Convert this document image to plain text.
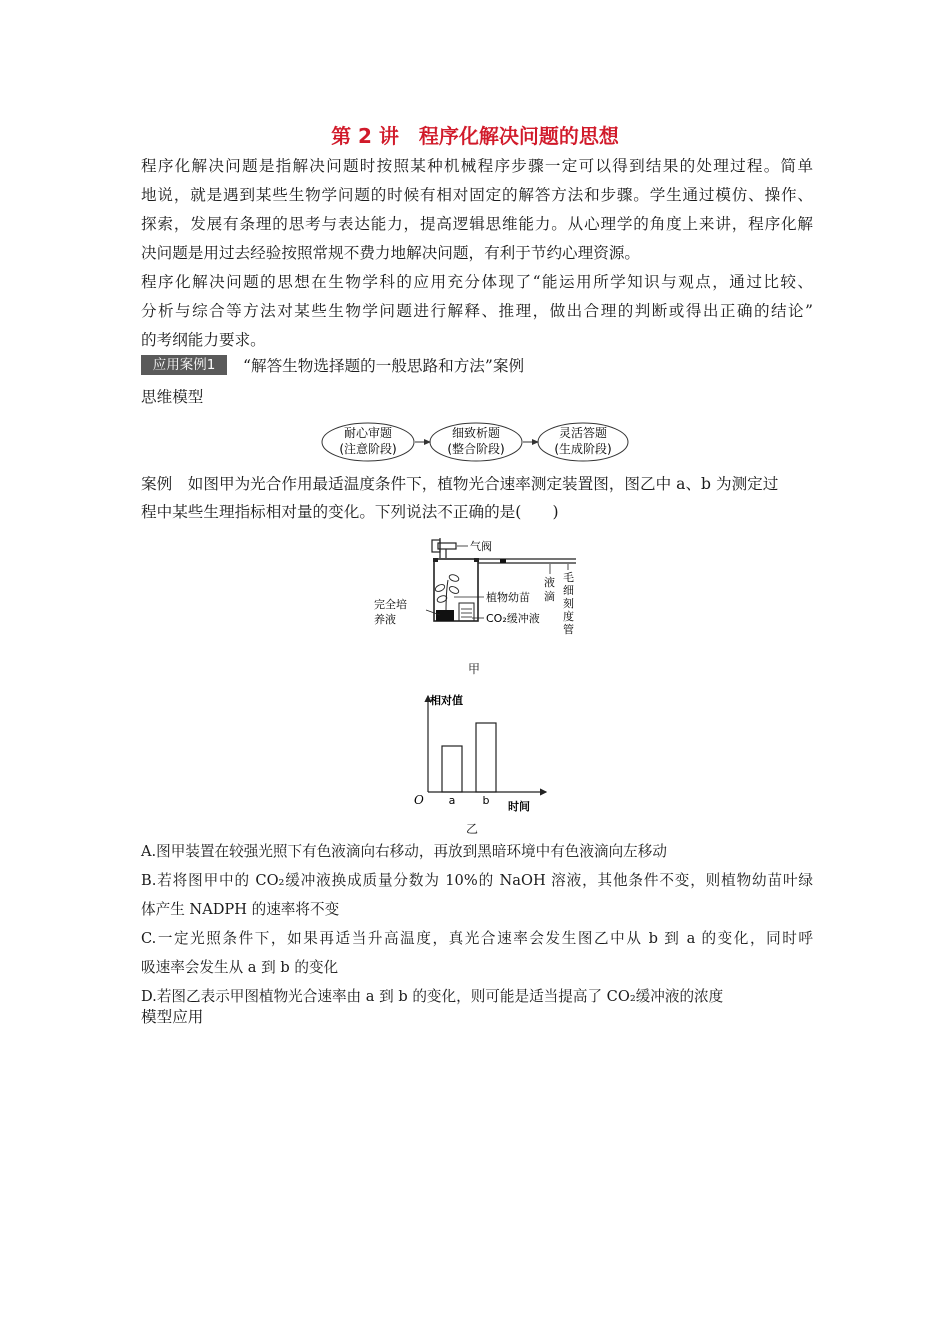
第 2 讲　程序化解决问题的思想

程序化解决问题是指解决问题时按照某种机械程序步骤一定可以得到结果的处理过程。简单
地说，就是遇到某些生物学问题的时候有相对固定的解答方法和步骤。学生通过模仿、操作、
探索，发展有条理的思考与表达能力，提高逻辑思维能力。从心理学的角度上来讲，程序化解
决问题是用过去经验按照常规不费力地解决问题，有利于节约心理资源。

程序化解决问题的思想在生物学科的应用充分体现了“能运用所学知识与观点，通过比较、
分析与综合等方法对某些生物学问题进行解释、推理，做出合理的判断或得出正确的结论”
的考纲能力要求。

应用案例1	“解答生物选择题的一般思路和方法”案例
思维模型
耐心审题
(注意阶段)
细致析题
(整合阶段)
灵活答题
(生成阶段)
案例　如图甲为光合作用最适温度条件下，植物光合速率测定装置图，图乙中 a、b 为测定过
程中某些生理指标相对量的变化。下列说法不正确的是(　　)
气阀
植物幼苗
CO₂缓冲液
完全培
养液
液
滴
毛
细
刻
度
管
甲
相对值
时间
O a b
乙
A.图甲装置在较强光照下有色液滴向右移动，再放到黑暗环境中有色液滴向左移动
B.若将图甲中的 CO₂缓冲液换成质量分数为 10%的 NaOH 溶液，其他条件不变，则植物幼苗叶绿
体产生 NADPH 的速率将不变
C.一定光照条件下，如果再适当升高温度，真光合速率会发生图乙中从 b 到 a 的变化，同时呼
吸速率会发生从 a 到 b 的变化
D.若图乙表示甲图植物光合速率由 a 到 b 的变化，则可能是适当提高了 CO₂缓冲液的浓度
模型应用
